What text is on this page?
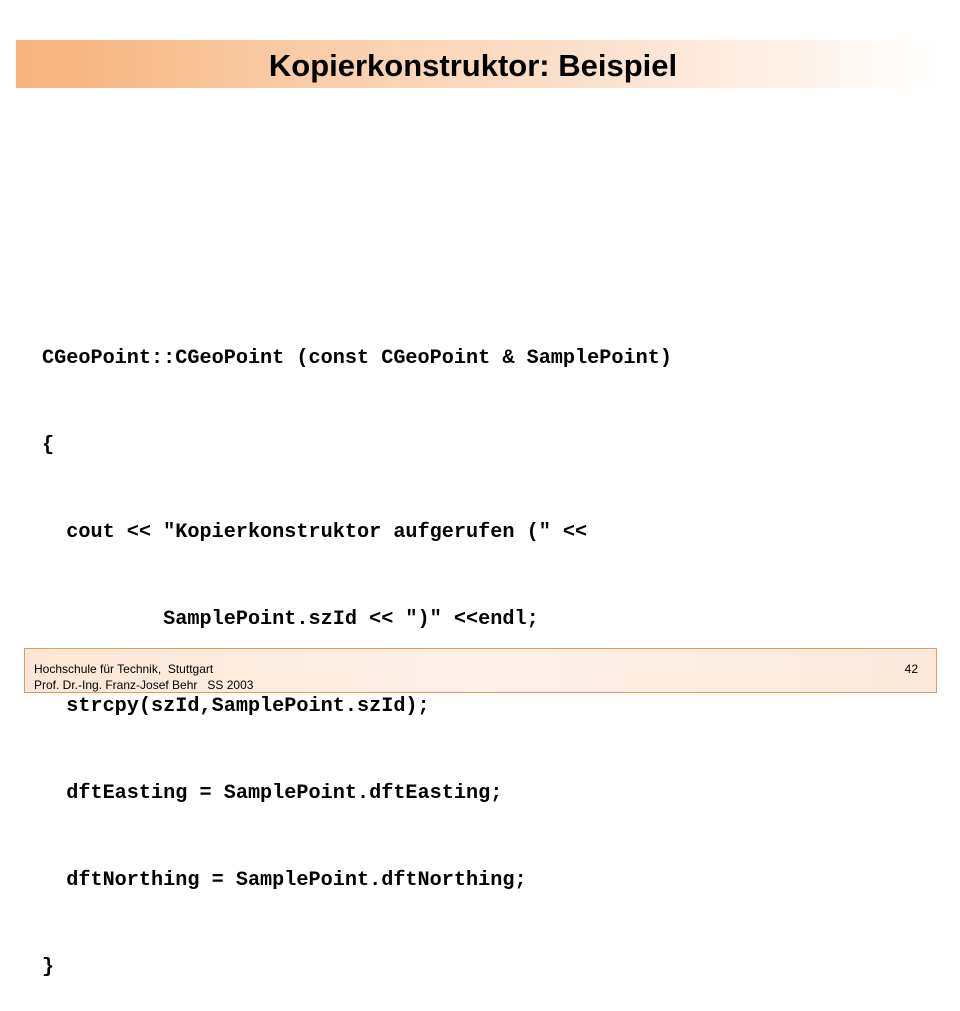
Kopierkonstruktor: Beispiel

CGeoPoint::CGeoPoint (const CGeoPoint & SamplePoint)

{

cout << "Kopierkonstruktor aufgerufen (" <<

SamplePoint.szId << ")" <<endl;

strcpy(szId,SamplePoint.szId);

dftEasting = SamplePoint.dftEasting;

dftNorthing = SamplePoint.dftNorthing;

}

Hochschule für Technik,  Stuttgart
Prof. Dr.-Ing. Franz-Josef Behr   SS 2003
42
